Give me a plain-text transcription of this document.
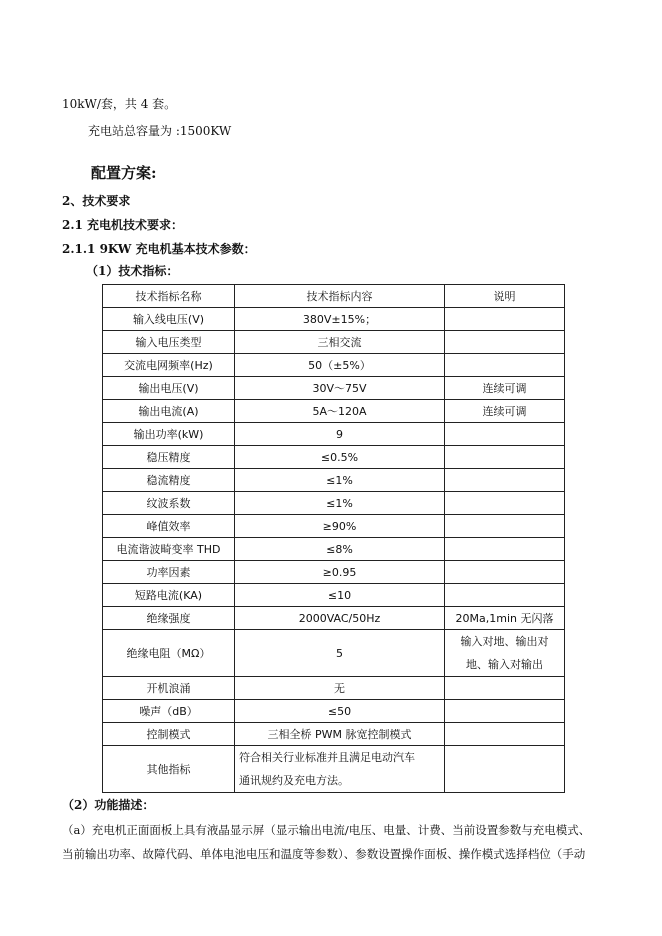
10kW/套，共 4 套。
充电站总容量为 :1500KW
配置方案:
2、技术要求
2.1 充电机技术要求：
2.1.1 9KW 充电机基本技术参数：
（1）技术指标：
技术指标名称	技术指标内容	说明
输入线电压(V)	380V±15%；	
输入电压类型	三相交流	
交流电网频率(Hz)	50（±5%）	
输出电压(V)	30V～75V	连续可调
输出电流(A)	5A～120A	连续可调
输出功率(kW)	9	
稳压精度	≤0.5%	
稳流精度	≤1%	
纹波系数	≤1%	
峰值效率	≥90%	
电流谐波畸变率 THD	≤8%	
功率因素	≥0.95	
短路电流(KA)	≤10	
绝缘强度	2000VAC/50Hz	20Ma,1min 无闪落
绝缘电阻（MΩ）	5	输入对地、输出对
地、输入对输出

开机浪涌	无	
噪声（dB）	≤50	
控制模式	三相全桥 PWM 脉宽控制模式	
其他指标	符合相关行业标准并且满足电动汽车
通讯规约及充电方法。	

（2）功能描述：
（a）充电机正面面板上具有液晶显示屏（显示输出电流/电压、电量、计费、当前设置参数与充电模式、
当前输出功率、故障代码、单体电池电压和温度等参数）、参数设置操作面板、操作模式选择档位（手动
